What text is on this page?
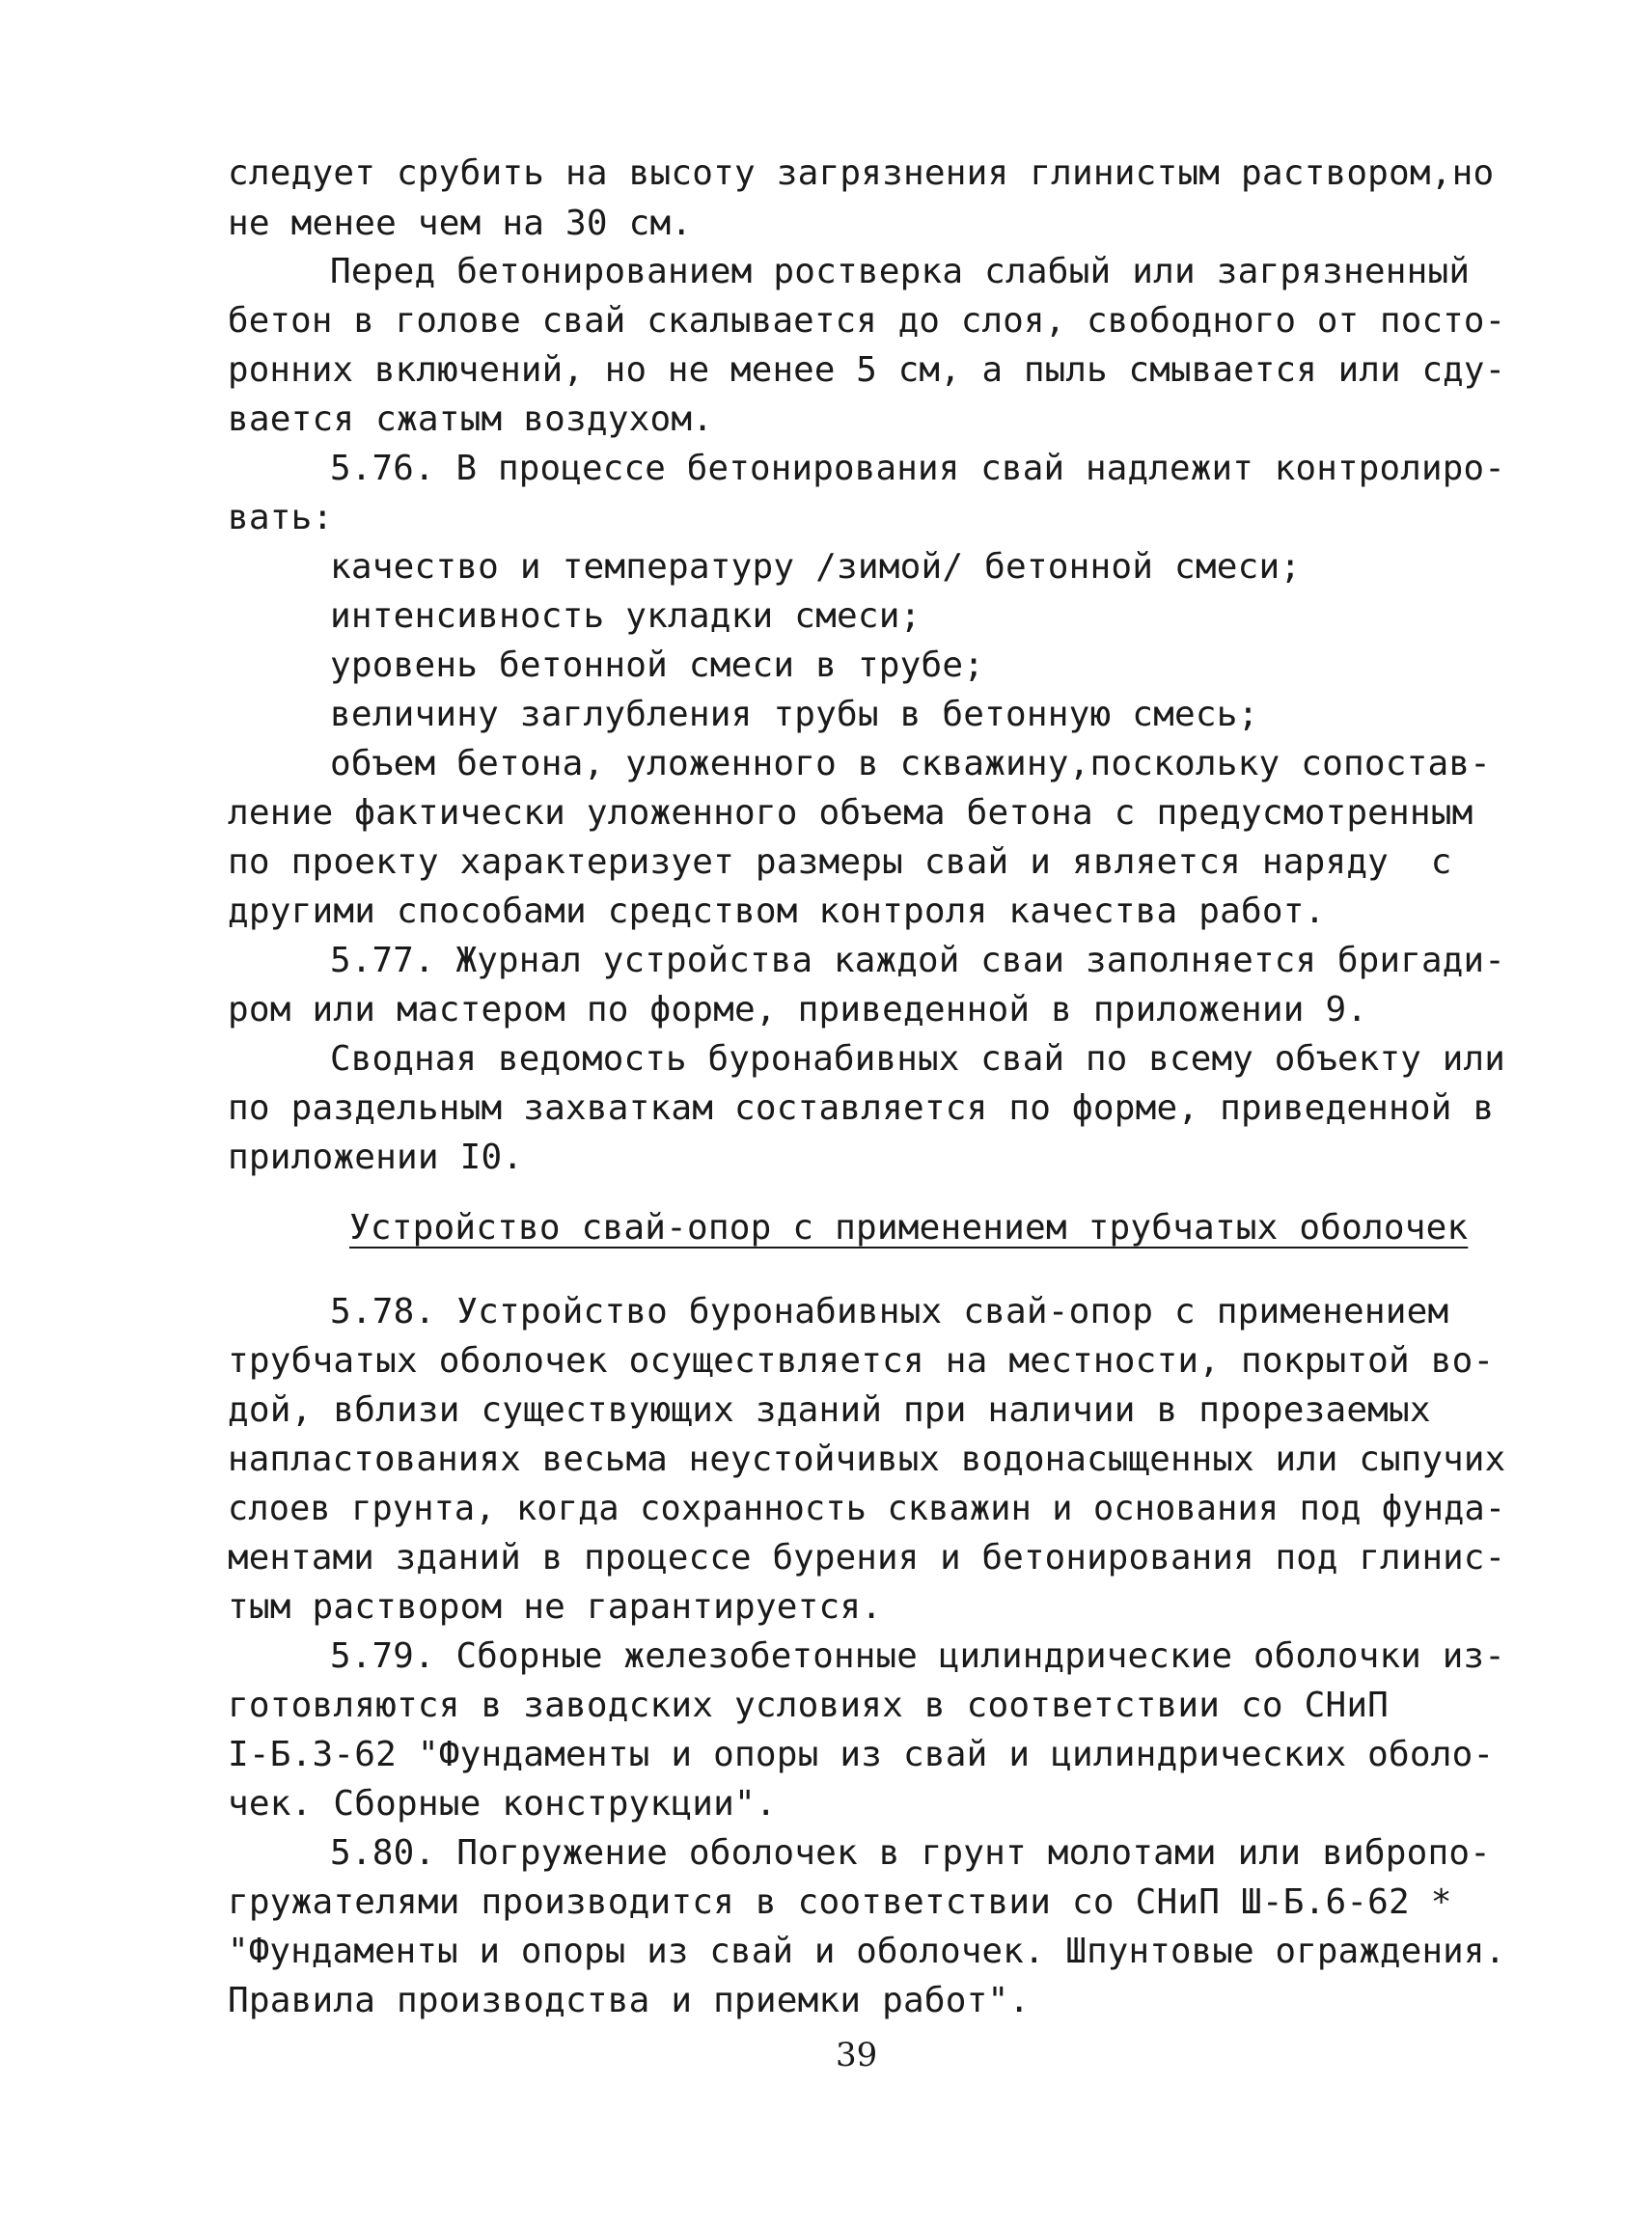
следует срубить на высоту загрязнения глинистым раствором,но
не менее чем на 30 см.
Перед бетонированием ростверка слабый или загрязненный
бетон в голове свай скалывается до слоя, свободного от посто-
ронних включений, но не менее 5 см, а пыль смывается или сду-
вается сжатым воздухом.
5.76. В процессе бетонирования свай надлежит контролиро-
вать:
качество и температуру /зимой/ бетонной смеси;
интенсивность укладки смеси;
уровень бетонной смеси в трубе;
величину заглубления трубы в бетонную смесь;
объем бетона, уложенного в скважину,поскольку сопостав-
ление фактически уложенного объема бетона с предусмотренным
по проекту характеризует размеры свай и является наряду  с
другими способами средством контроля качества работ.
5.77. Журнал устройства каждой сваи заполняется бригади-
ром или мастером по форме, приведенной в приложении 9.
Сводная ведомость буронабивных свай по всему объекту или
по раздельным захваткам составляется по форме, приведенной в
приложении I0.
Устройство свай-опор с применением трубчатых оболочек
5.78. Устройство буронабивных свай-опор с применением
трубчатых оболочек осуществляется на местности, покрытой во-
дой, вблизи существующих зданий при наличии в прорезаемых
напластованиях весьма неустойчивых водонасыщенных или сыпучих
слоев грунта, когда сохранность скважин и основания под фунда-
ментами зданий в процессе бурения и бетонирования под глинис-
тым раствором не гарантируется.
5.79. Сборные железобетонные цилиндрические оболочки из-
готовляются в заводских условиях в соответствии со СНиП
I-Б.3-62 "Фундаменты и опоры из свай и цилиндрических оболо-
чек. Сборные конструкции".
5.80. Погружение оболочек в грунт молотами или вибропо-
гружателями производится в соответствии со СНиП Ш-Б.6-62 *
"Фундаменты и опоры из свай и оболочек. Шпунтовые ограждения.
Правила производства и приемки работ".
39
